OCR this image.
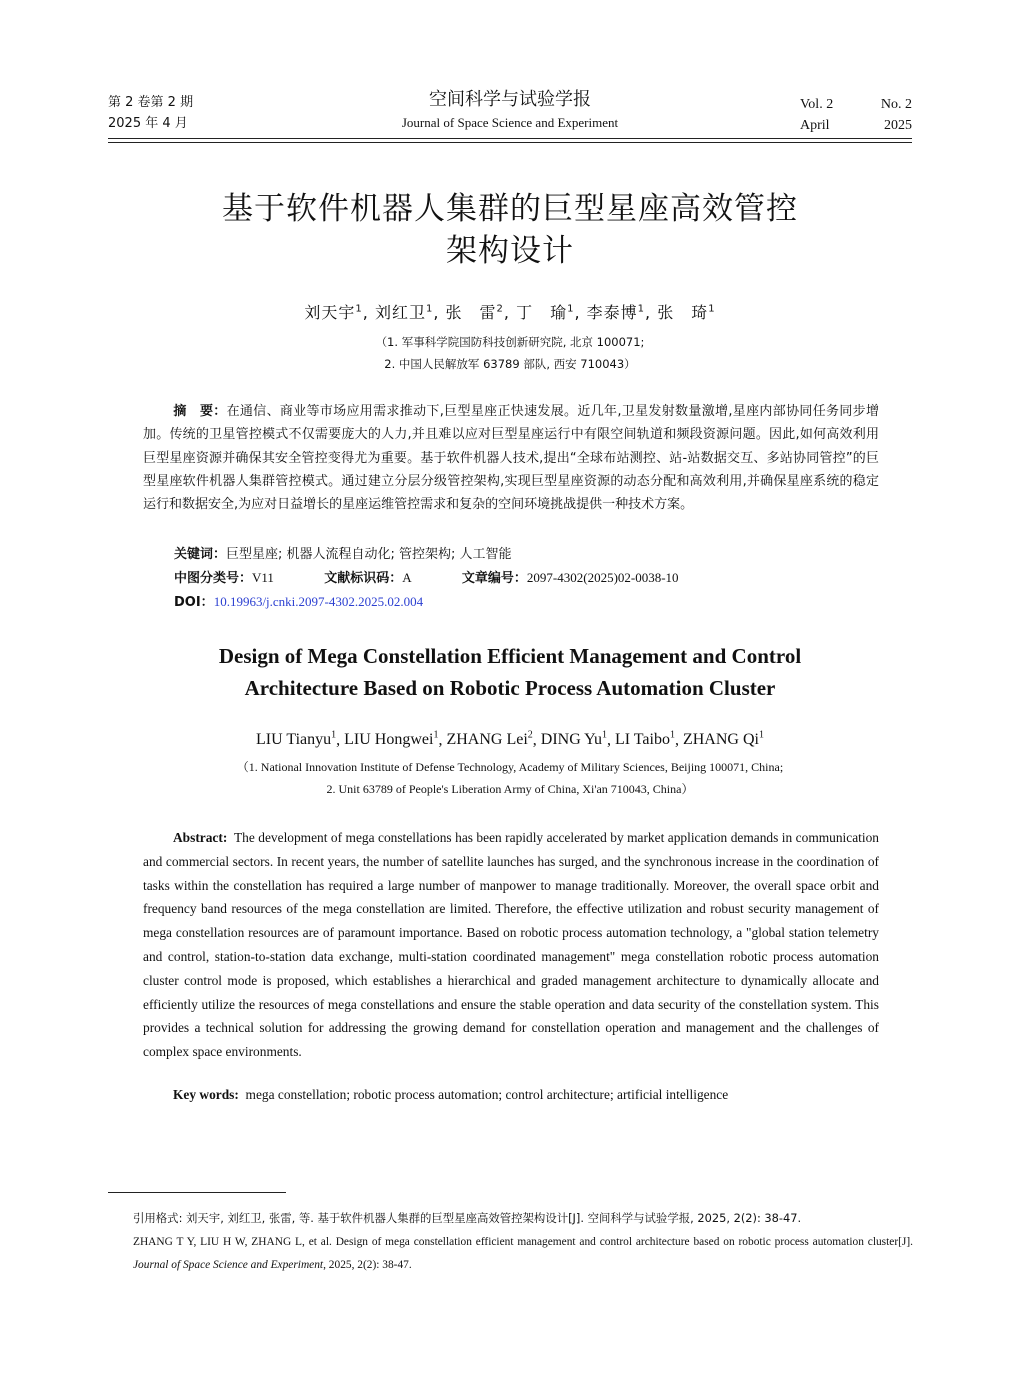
第 2 卷第 2 期
2025 年 4 月
空间科学与试验学报
Journal of Space Science and Experiment
Vol. 2	No. 2
April	2025
基于软件机器人集群的巨型星座高效管控
架构设计
刘天宇$^1$, 刘红卫$^1$, 张　雷$^2$, 丁　瑜$^1$, 李泰博$^1$, 张　琦$^1$
（1. 军事科学院国防科技创新研究院, 北京 100071;
2. 中国人民解放军 63789 部队, 西安 710043）
摘　要：在通信、商业等市场应用需求推动下,巨型星座正快速发展。近几年,卫星发射数量激增,星座内部协同任务同步增加。传统的卫星管控模式不仅需要庞大的人力,并且难以应对巨型星座运行中有限空间轨道和频段资源问题。因此,如何高效利用巨型星座资源并确保其安全管控变得尤为重要。基于软件机器人技术,提出“全球布站测控、站-站数据交互、多站协同管控”的巨型星座软件机器人集群管控模式。通过建立分层分级管控架构,实现巨型星座资源的动态分配和高效利用,并确保星座系统的稳定运行和数据安全,为应对日益增长的星座运维管控需求和复杂的空间环境挑战提供一种技术方案。
关键词：巨型星座; 机器人流程自动化; 管控架构; 人工智能
中图分类号：V11	文献标识码：A	文章编号：2097-4302(2025)02-0038-10
DOI：10.19963/j.cnki.2097-4302.2025.02.004
Design of Mega Constellation Efficient Management and Control
Architecture Based on Robotic Process Automation Cluster
LIU Tianyu$^1$, LIU Hongwei$^1$, ZHANG Lei$^2$, DING Yu$^1$, LI Taibo$^1$, ZHANG Qi$^1$
（1. National Innovation Institute of Defense Technology, Academy of Military Sciences, Beijing 100071, China;
2. Unit 63789 of People's Liberation Army of China, Xi'an 710043, China）
Abstract: The development of mega constellations has been rapidly accelerated by market application demands in communication and commercial sectors. In recent years, the number of satellite launches has surged, and the synchronous increase in the coordination of tasks within the constellation has required a large number of manpower to manage traditionally. Moreover, the overall space orbit and frequency band resources of the mega constellation are limited. Therefore, the effective utilization and robust security management of mega constellation resources are of paramount importance. Based on robotic process automation technology, a "global station telemetry and control, station-to-station data exchange, multi-station coordinated management" mega constellation robotic process automation cluster control mode is proposed, which establishes a hierarchical and graded management architecture to dynamically allocate and efficiently utilize the resources of mega constellations and ensure the stable operation and data security of the constellation system. This provides a technical solution for addressing the growing demand for constellation operation and management and the challenges of complex space environments.
Key words: mega constellation; robotic process automation; control architecture; artificial intelligence
引用格式: 刘天宇, 刘红卫, 张雷, 等. 基于软件机器人集群的巨型星座高效管控架构设计[J]. 空间科学与试验学报, 2025, 2(2): 38-47.
ZHANG T Y, LIU H W, ZHANG L, et al. Design of mega constellation efficient management and control architecture based on robotic process automation cluster[J]. Journal of Space Science and Experiment, 2025, 2(2): 38-47.
